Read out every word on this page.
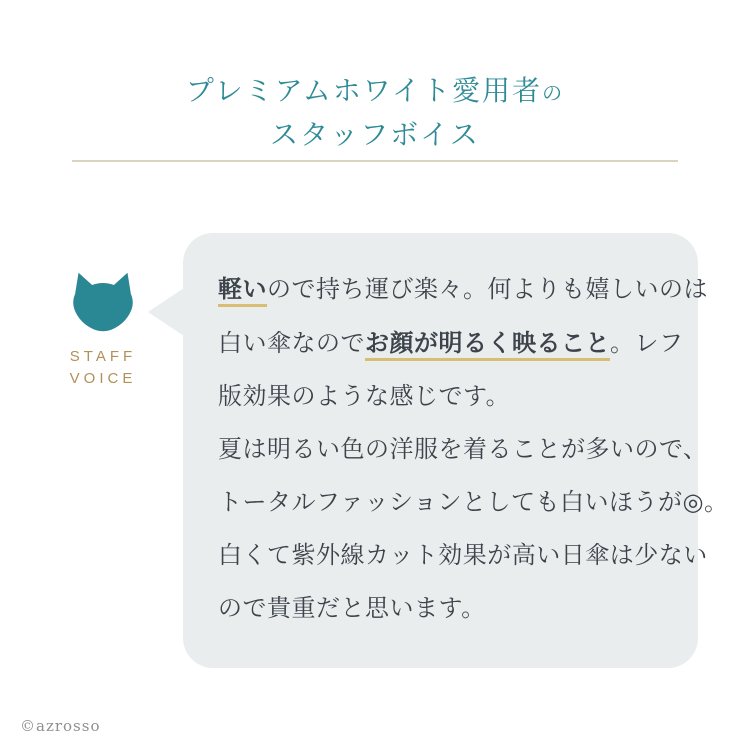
プレミアムホワイト愛用者の
スタッフボイス
STAFF
VOICE

軽いので持ち運び楽々。何よりも嬉しいのは

白い傘なのでお顔が明るく映ること。レフ

版効果のような感じです。

夏は明るい色の洋服を着ることが多いので、

トータルファッションとしても白いほうが◎。

白くて紫外線カット効果が高い日傘は少ない

ので貴重だと思います。

©azrosso
